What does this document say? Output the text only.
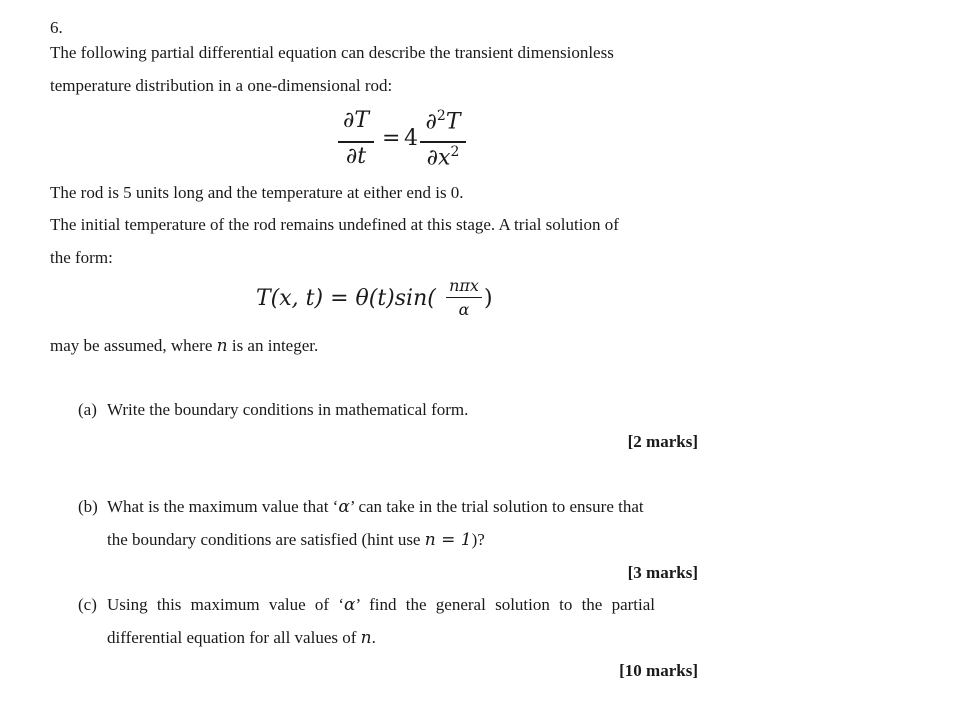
6.
The following partial differential equation can describe the transient dimensionless
temperature distribution in a one-dimensional rod:
∂T
∂t
= 4
∂$^2$T
$\partial x^2$
The rod is 5 units long and the temperature at either end is 0.
The initial temperature of the rod remains undefined at this stage. A trial solution of
the form:
T(x, t) = θ(t)sin(
nπx
α )
may be assumed, where n is an integer.
(a) Write the boundary conditions in mathematical form.
[2 marks]
(b) What is the maximum value that ‘α’ can take in the trial solution to ensure that
the boundary conditions are satisfied (hint use n = 1)?
[3 marks]
(c) Using this maximum value of ‘α’ find the general solution to the partial
differential equation for all values of n.
[10 marks]
